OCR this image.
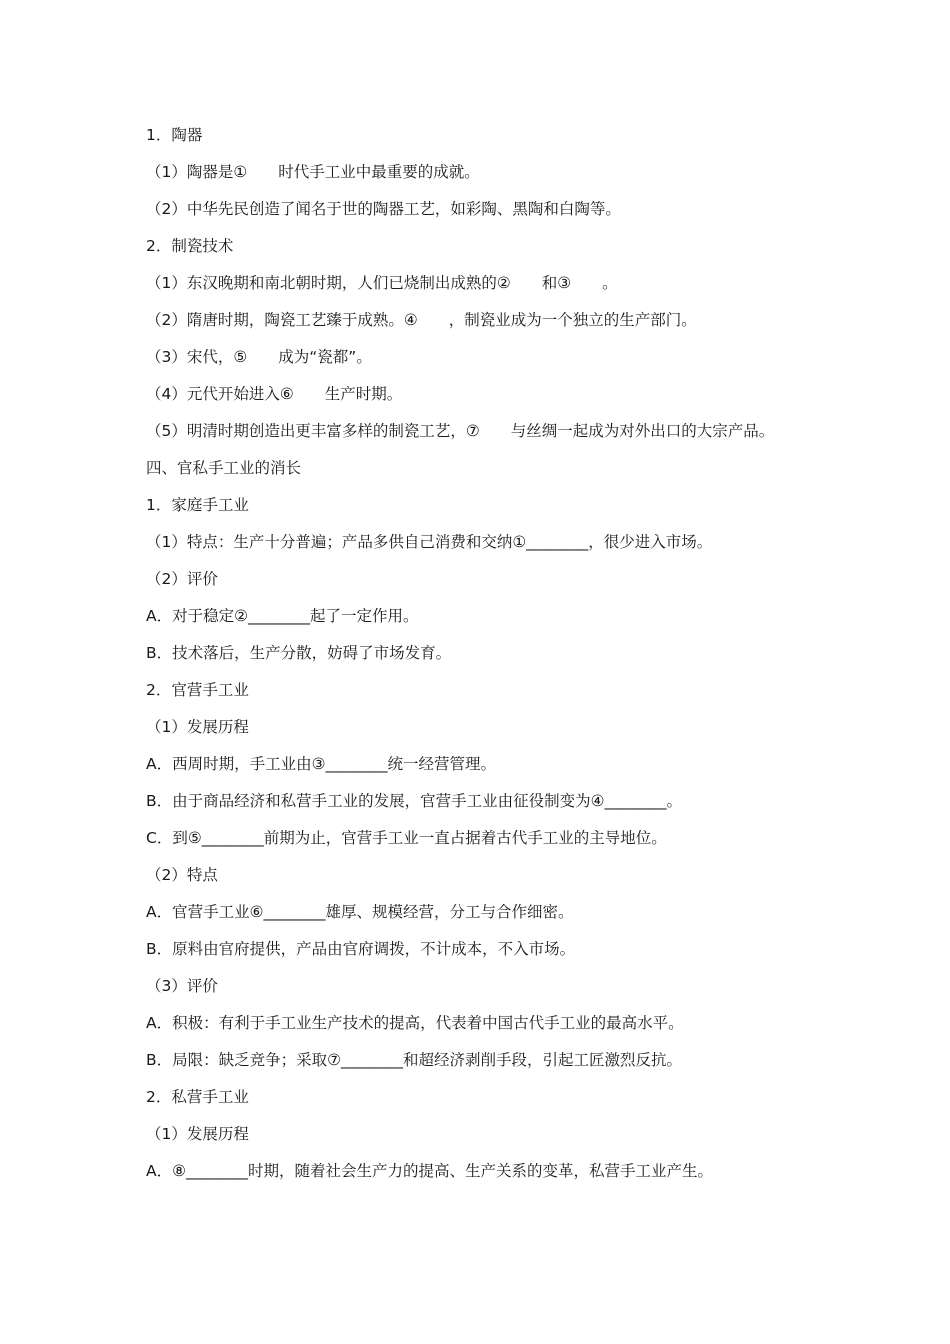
1．陶器
（1）陶器是①　　时代手工业中最重要的成就。
（2）中华先民创造了闻名于世的陶器工艺，如彩陶、黑陶和白陶等。
2．制瓷技术
（1）东汉晚期和南北朝时期，人们已烧制出成熟的②　　和③　　。
（2）隋唐时期，陶瓷工艺臻于成熟。④　　，制瓷业成为一个独立的生产部门。
（3）宋代，⑤　　成为“瓷都”。
（4）元代开始进入⑥　　生产时期。
（5）明清时期创造出更丰富多样的制瓷工艺，⑦　　与丝绸一起成为对外出口的大宗产品。
四、官私手工业的消长
1．家庭手工业
（1）特点：生产十分普遍；产品多供自己消费和交纳①________，很少进入市场。
（2）评价
A．对于稳定②________起了一定作用。
B．技术落后，生产分散，妨碍了市场发育。
2．官营手工业
（1）发展历程
A．西周时期，手工业由③________统一经营管理。
B．由于商品经济和私营手工业的发展，官营手工业由征役制变为④________。
C．到⑤________前期为止，官营手工业一直占据着古代手工业的主导地位。
（2）特点
A．官营手工业⑥________雄厚、规模经营，分工与合作细密。
B．原料由官府提供，产品由官府调拨，不计成本，不入市场。
（3）评价
A．积极：有利于手工业生产技术的提高，代表着中国古代手工业的最高水平。
B．局限：缺乏竞争；采取⑦________和超经济剥削手段，引起工匠激烈反抗。
2．私营手工业
（1）发展历程
A．⑧________时期，随着社会生产力的提高、生产关系的变革，私营手工业产生。
